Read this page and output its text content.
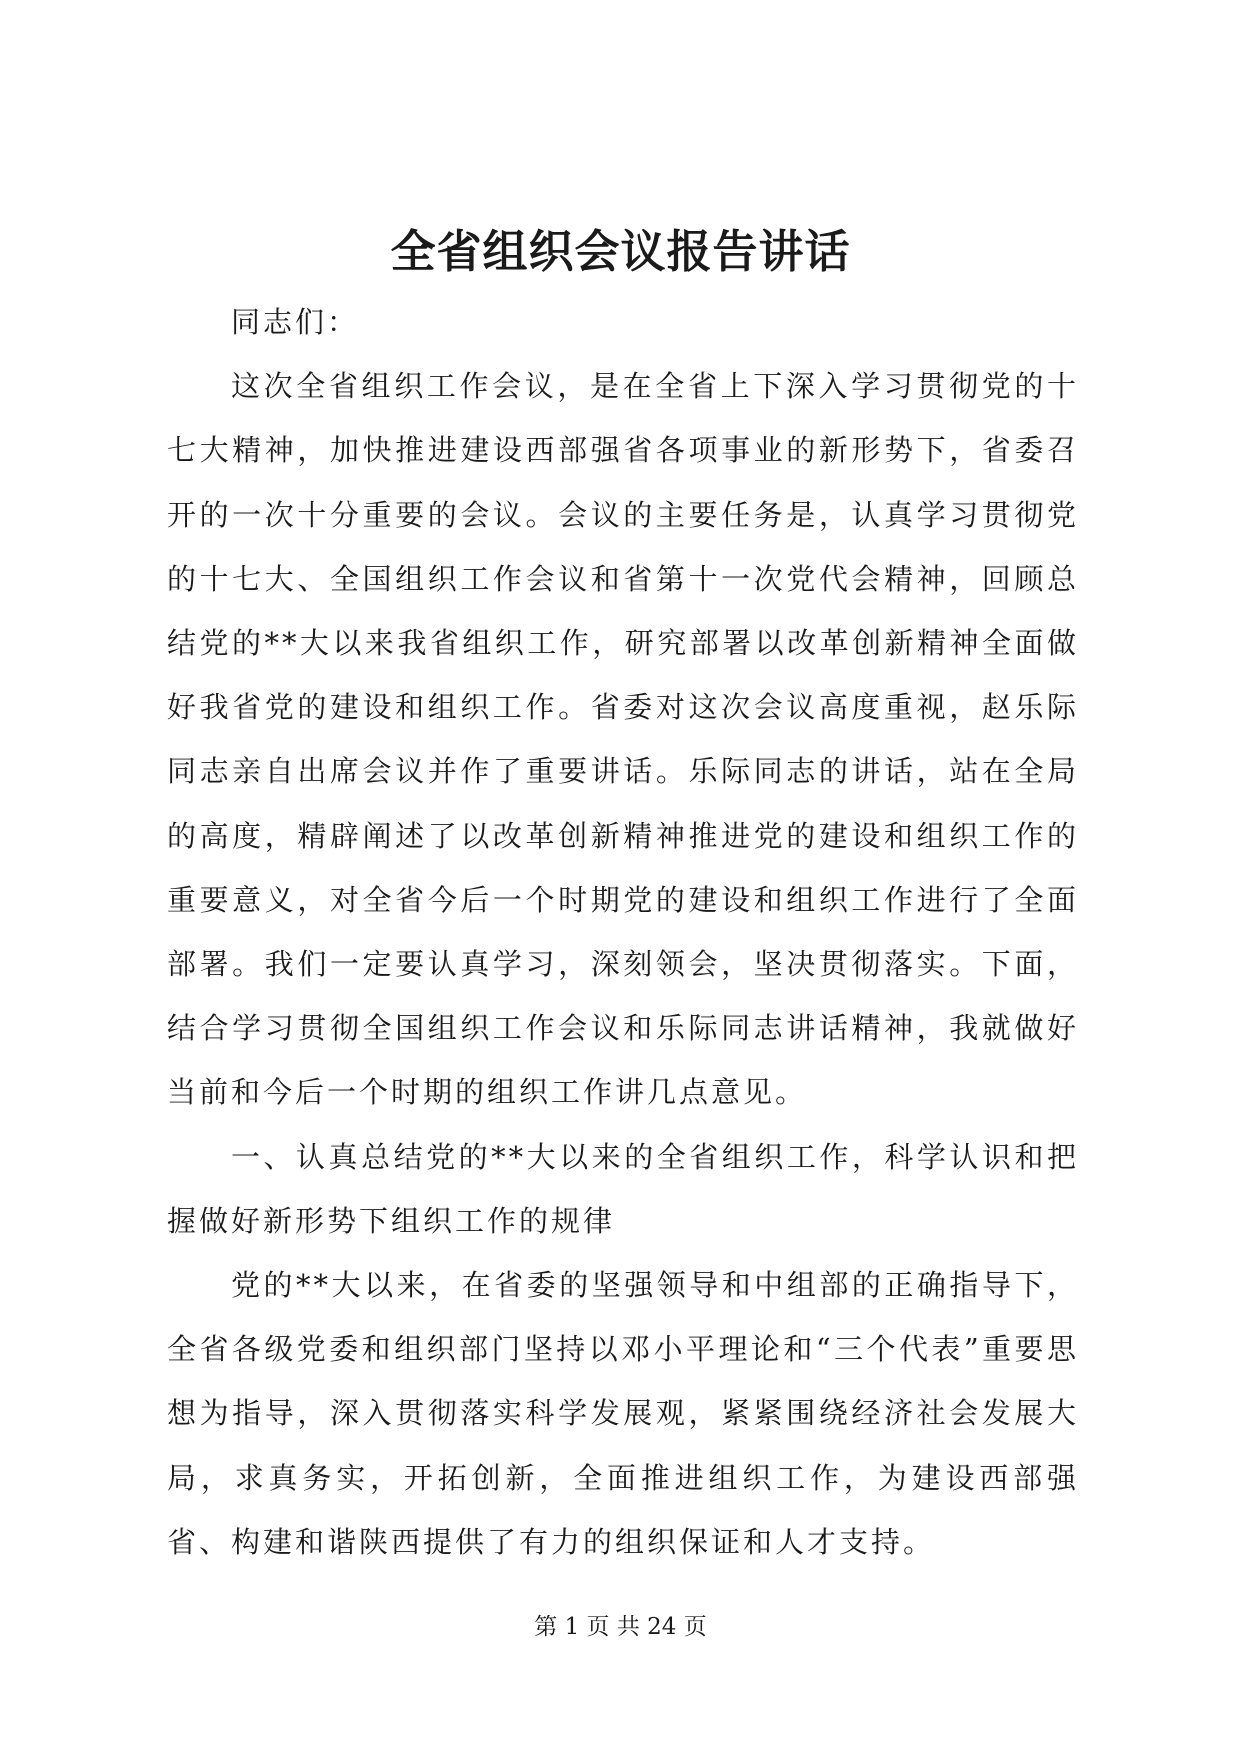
全省组织会议报告讲话

同志们：

这次全省组织工作会议，是在全省上下深入学习贯彻党的十七大精神，加快推进建设西部强省各项事业的新形势下，省委召开的一次十分重要的会议。会议的主要任务是，认真学习贯彻党的十七大、全国组织工作会议和省第十一次党代会精神，回顾总结党的**大以来我省组织工作，研究部署以改革创新精神全面做好我省党的建设和组织工作。省委对这次会议高度重视，赵乐际同志亲自出席会议并作了重要讲话。乐际同志的讲话，站在全局的高度，精辟阐述了以改革创新精神推进党的建设和组织工作的重要意义，对全省今后一个时期党的建设和组织工作进行了全面部署。我们一定要认真学习，深刻领会，坚决贯彻落实。下面，结合学习贯彻全国组织工作会议和乐际同志讲话精神，我就做好当前和今后一个时期的组织工作讲几点意见。

一、认真总结党的**大以来的全省组织工作，科学认识和把握做好新形势下组织工作的规律

党的**大以来，在省委的坚强领导和中组部的正确指导下，全省各级党委和组织部门坚持以邓小平理论和“三个代表”重要思想为指导，深入贯彻落实科学发展观，紧紧围绕经济社会发展大局，求真务实，开拓创新，全面推进组织工作，为建设西部强省、构建和谐陕西提供了有力的组织保证和人才支持。

第 1 页 共 24 页
